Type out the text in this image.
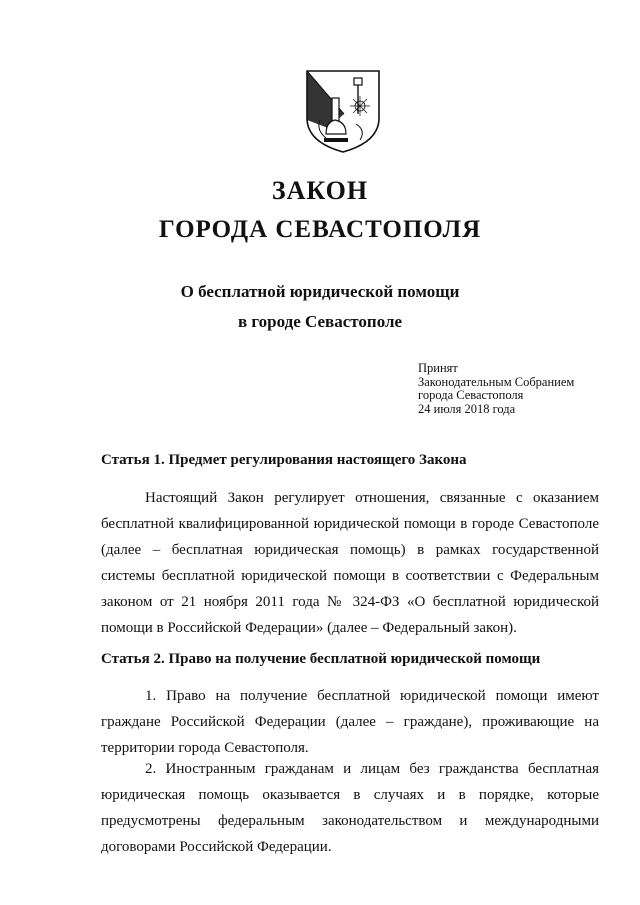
ЗАКОН
ГОРОДА СЕВАСТОПОЛЯ
О бесплатной юридической помощи
в городе Севастополе
Принят
Законодательным Собранием
города Севастополя
24 июля 2018 года
Статья 1. Предмет регулирования настоящего Закона
Настоящий Закон регулирует отношения, связанные с оказанием бесплатной квалифицированной юридической помощи в городе Севастополе (далее – бесплатная юридическая помощь) в рамках государственной системы бесплатной юридической помощи в соответствии с Федеральным законом от 21 ноября 2011 года № 324-ФЗ «О бесплатной юридической помощи в Российской Федерации» (далее – Федеральный закон).
Статья 2. Право на получение бесплатной юридической помощи
1. Право на получение бесплатной юридической помощи имеют граждане Российской Федерации (далее – граждане), проживающие на территории города Севастополя.
2. Иностранным гражданам и лицам без гражданства бесплатная юридическая помощь оказывается в случаях и в порядке, которые предусмотрены федеральным законодательством и международными договорами Российской Федерации.
